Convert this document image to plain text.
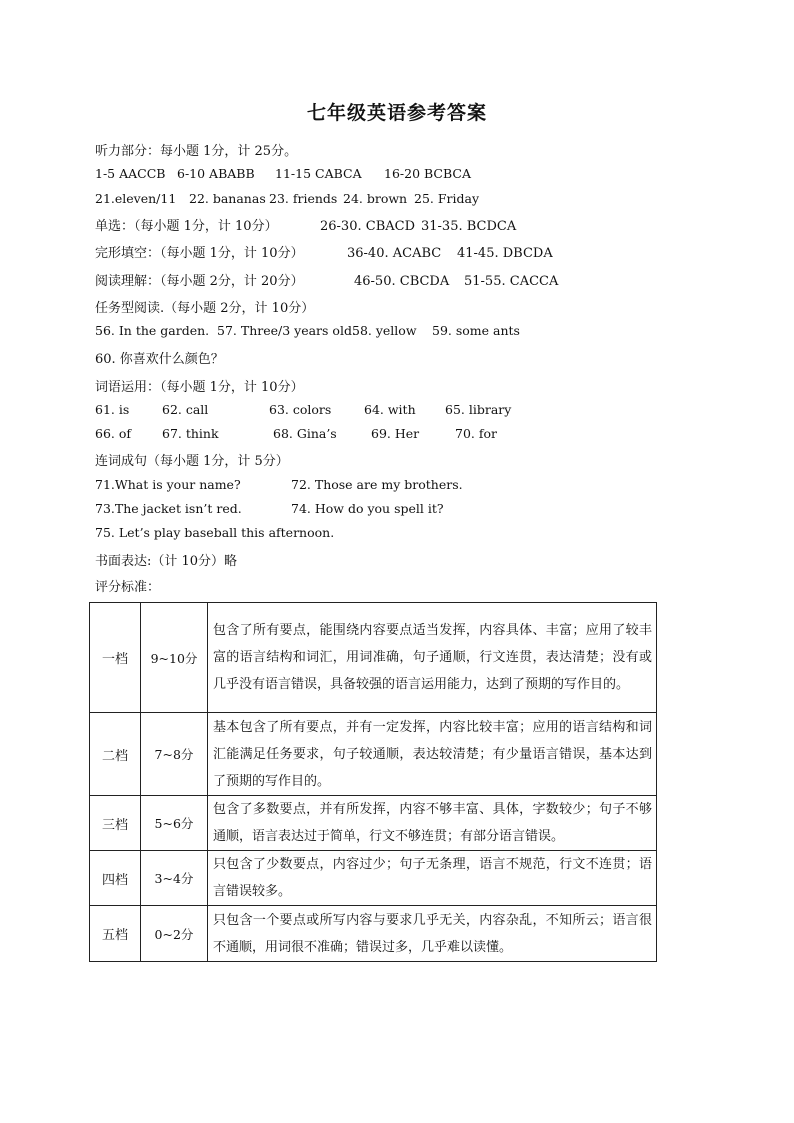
七年级英语参考答案
听力部分：每小题 1分，计 25分。
1-5 AACCB 6-10 ABABB 11-15 CABCA 16-20 BCBCA
21.eleven/11 22. bananas 23. friends 24. brown 25. Friday
单选：（每小题 1分，计 10分）	26-30. CBACD 31-35. BCDCA
完形填空：（每小题 1分，计 10分）	36-40. ACABC 41-45. DBCDA
阅读理解：（每小题 2分，计 20分）	46-50. CBCDA 51-55. CACCA
任务型阅读.（每小题 2分，计 10分）
56. In the garden. 57. Three/3 years old.58. yellow 59. some ants
60. 你喜欢什么颜色？
词语运用：（每小题 1分，计 10分）
61. is	62. call	63. colors	64. with 65. library
66. of 67. think	68. Gina’s	69. Her	70. for
连词成句（每小题 1分，计 5分）
71.What is your name?	72. Those are my brothers.
73.The jacket isn’t red.	74. How do you spell it?
75. Let’s play baseball this afternoon.
书面表达:（计 10分）略
评分标准：
一档	9~10分	包含了所有要点，能围绕内容要点适当发挥，内容具体、丰富；应用了较丰富的语言结构和词汇，用词准确，句子通顺，行文连贯，表达清楚；没有或几乎没有语言错误，具备较强的语言运用能力，达到了预期的写作目的。
二档	7~8分	基本包含了所有要点，并有一定发挥，内容比较丰富；应用的语言结构和词汇能满足任务要求，句子较通顺，表达较清楚；有少量语言错误，基本达到了预期的写作目的。
三档	5~6分	包含了多数要点，并有所发挥，内容不够丰富、具体，字数较少；句子不够通顺，语言表达过于简单，行文不够连贯；有部分语言错误。
四档	3~4分	只包含了少数要点，内容过少；句子无条理，语言不规范，行文不连贯；语言错误较多。
五档	0~2分	只包含一个要点或所写内容与要求几乎无关，内容杂乱，不知所云；语言很不通顺，用词很不准确；错误过多，几乎难以读懂。
